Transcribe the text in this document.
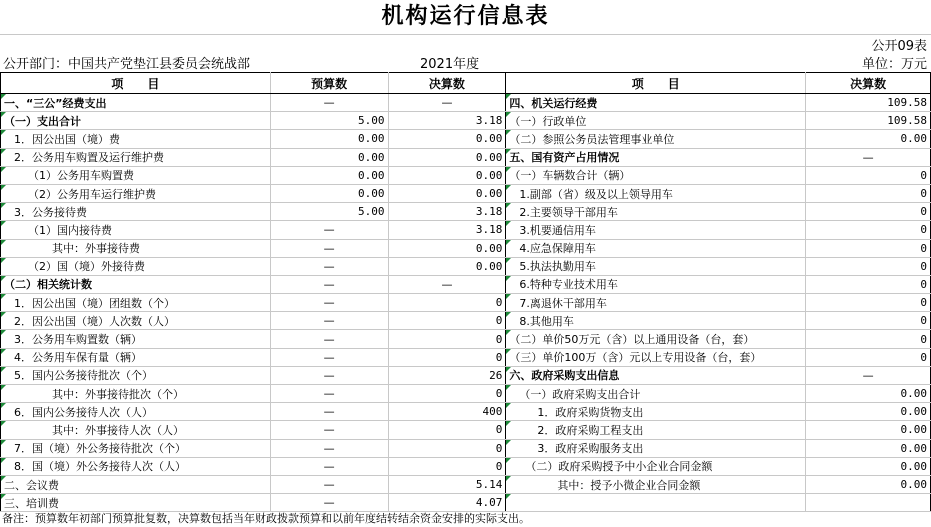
机构运行信息表
公开09表
公开部门：中国共产党垫江县委员会统战部	2021年度	单位：万元
项　　目	预算数	决算数	项　　目	决算数
一、“三公”经费支出	—	—	四、机关运行经费	109.58
（一）支出合计	5.00	3.18	（一）行政单位	109.58
1．因公出国（境）费	0.00	0.00	（二）参照公务员法管理事业单位	0.00
2．公务用车购置及运行维护费	0.00	0.00	五、国有资产占用情况	—
（1）公务用车购置费	0.00	0.00	（一）车辆数合计（辆）	0
（2）公务用车运行维护费	0.00	0.00	1.副部（省）级及以上领导用车	0
3．公务接待费	5.00	3.18	2.主要领导干部用车	0
（1）国内接待费	—	3.18	3.机要通信用车	0
其中：外事接待费	—	0.00	4.应急保障用车	0
（2）国（境）外接待费	—	0.00	5.执法执勤用车	0
（二）相关统计数	—	—	6.特种专业技术用车	0
1．因公出国（境）团组数（个）	—	0	7.离退休干部用车	0
2．因公出国（境）人次数（人）	—	0	8.其他用车	0
3．公务用车购置数（辆）	—	0	（二）单价50万元（含）以上通用设备（台，套）	0
4．公务用车保有量（辆）	—	0	（三）单价100万（含）元以上专用设备（台，套）	0
5．国内公务接待批次（个）	—	26	六、政府采购支出信息	—
其中：外事接待批次（个）	—	0	（一）政府采购支出合计	0.00
6．国内公务接待人次（人）	—	400	1．政府采购货物支出	0.00
其中：外事接待人次（人）	—	0	2．政府采购工程支出	0.00
7．国（境）外公务接待批次（个）	—	0	3．政府采购服务支出	0.00
8．国（境）外公务接待人次（人）	—	0	（二）政府采购授予中小企业合同金额	0.00
二、会议费	—	5.14	其中：授予小微企业合同金额	0.00
三、培训费	—	4.07		
备注：预算数年初部门预算批复数，决算数包括当年财政拨款预算和以前年度结转结余资金安排的实际支出。
